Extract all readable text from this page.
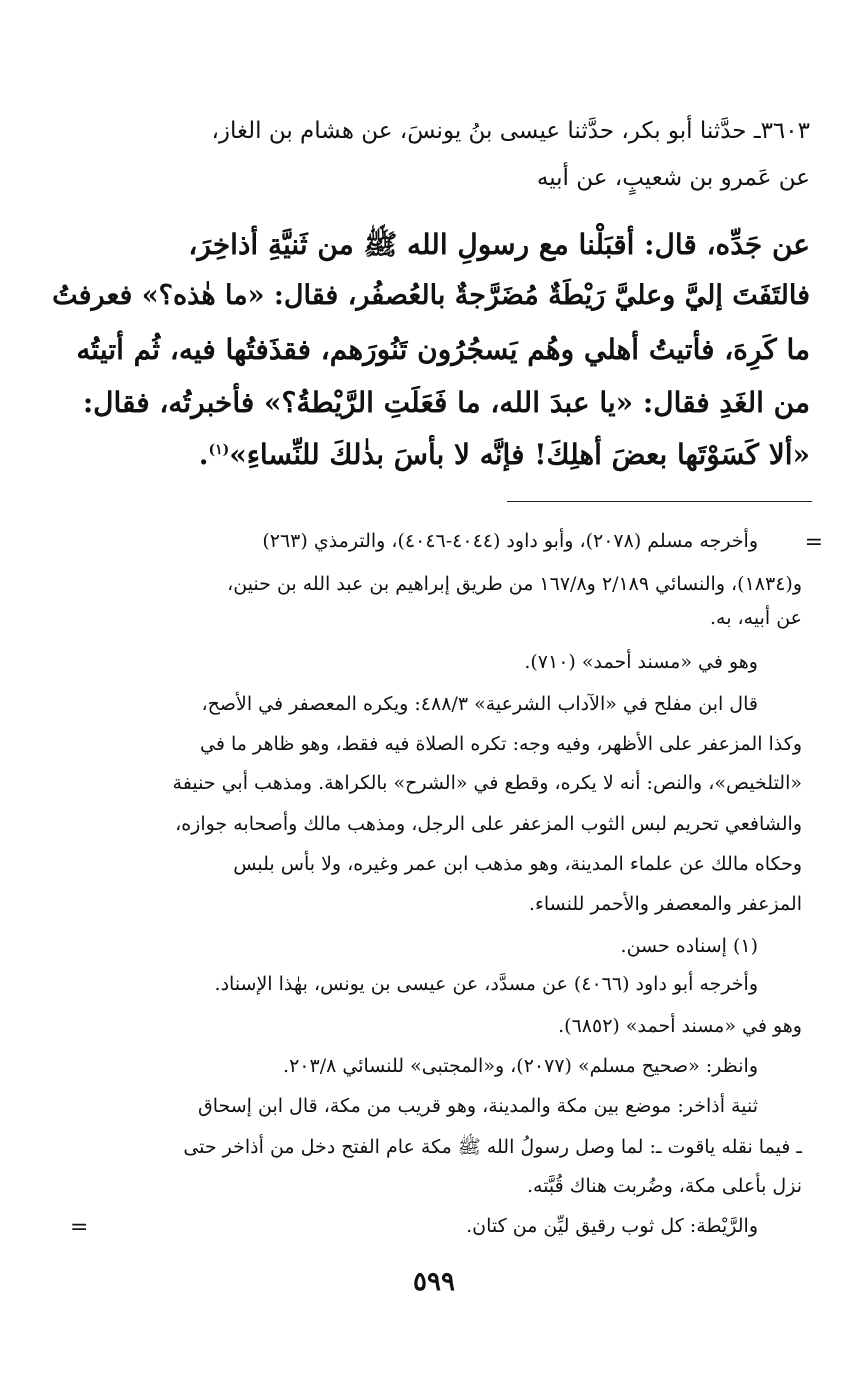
٣٦٠٣ـ حدَّثنا أبو بكر، حدَّثنا عيسى بنُ يونسَ، عن هشام بن الغاز،
عن عَمرو بن شعيبٍ، عن أبيه
عن جَدِّه، قال: أقبَلْنا مع رسولِ الله ﷺ من ثَنيَّةِ أذاخِرَ،
فالتَفَتَ إليَّ وعليَّ رَيْطَةٌ مُضَرَّجةٌ بالعُصفُر، فقال: «ما هٰذه؟» فعرفتُ
ما كَرِهَ، فأتيتُ أهلي وهُم يَسجُرُون تَنُورَهم، فقذَفتُها فيه، ثُم أتيتُه
من الغَدِ فقال: «يا عبدَ الله، ما فَعَلَتِ الرَّيْطةُ؟» فأخبرتُه، فقال:
«ألا كَسَوْتَها بعضَ أهلِكَ! فإنَّه لا بأسَ بذٰلكَ للنِّساءِ»$^{(١)}$.
=
وأخرجه مسلم (٢٠٧٨)، وأبو داود (٤٠٤٤-٤٠٤٦)، والترمذي (٢٦٣)
و(١٨٣٤)، والنسائي ٢/١٨٩ و١٦٧/٨ من طريق إبراهيم بن عبد الله بن حنين،
عن أبيه، به.
وهو في «مسند أحمد» (٧١٠).
قال ابن مفلح في «الآداب الشرعية» ٤٨٨/٣: ويكره المعصفر في الأصح،
وكذا المزعفر على الأظهر، وفيه وجه: تكره الصلاة فيه فقط، وهو ظاهر ما في
«التلخيص»، والنص: أنه لا يكره، وقطع في «الشرح» بالكراهة. ومذهب أبي حنيفة
والشافعي تحريم لبس الثوب المزعفر على الرجل، ومذهب مالك وأصحابه جوازه،
وحكاه مالك عن علماء المدينة، وهو مذهب ابن عمر وغيره، ولا بأس بلبس
المزعفر والمعصفر والأحمر للنساء.
(١) إسناده حسن.
وأخرجه أبو داود (٤٠٦٦) عن مسدَّد، عن عيسى بن يونس، بهٰذا الإسناد.
وهو في «مسند أحمد» (٦٨٥٢).
وانظر: «صحيح مسلم» (٢٠٧٧)، و«المجتبى» للنسائي ٢٠٣/٨.
ثنية أذاخر: موضع بين مكة والمدينة، وهو قريب من مكة، قال ابن إسحاق
ـ فيما نقله ياقوت ـ: لما وصل رسولُ الله ﷺ مكة عام الفتح دخل من أذاخر حتى
نزل بأعلى مكة، وضُربت هناك قُبَّته.
والرَّيْطة: كل ثوب رقيق ليِّن من كتان.
=
٥٩٩
